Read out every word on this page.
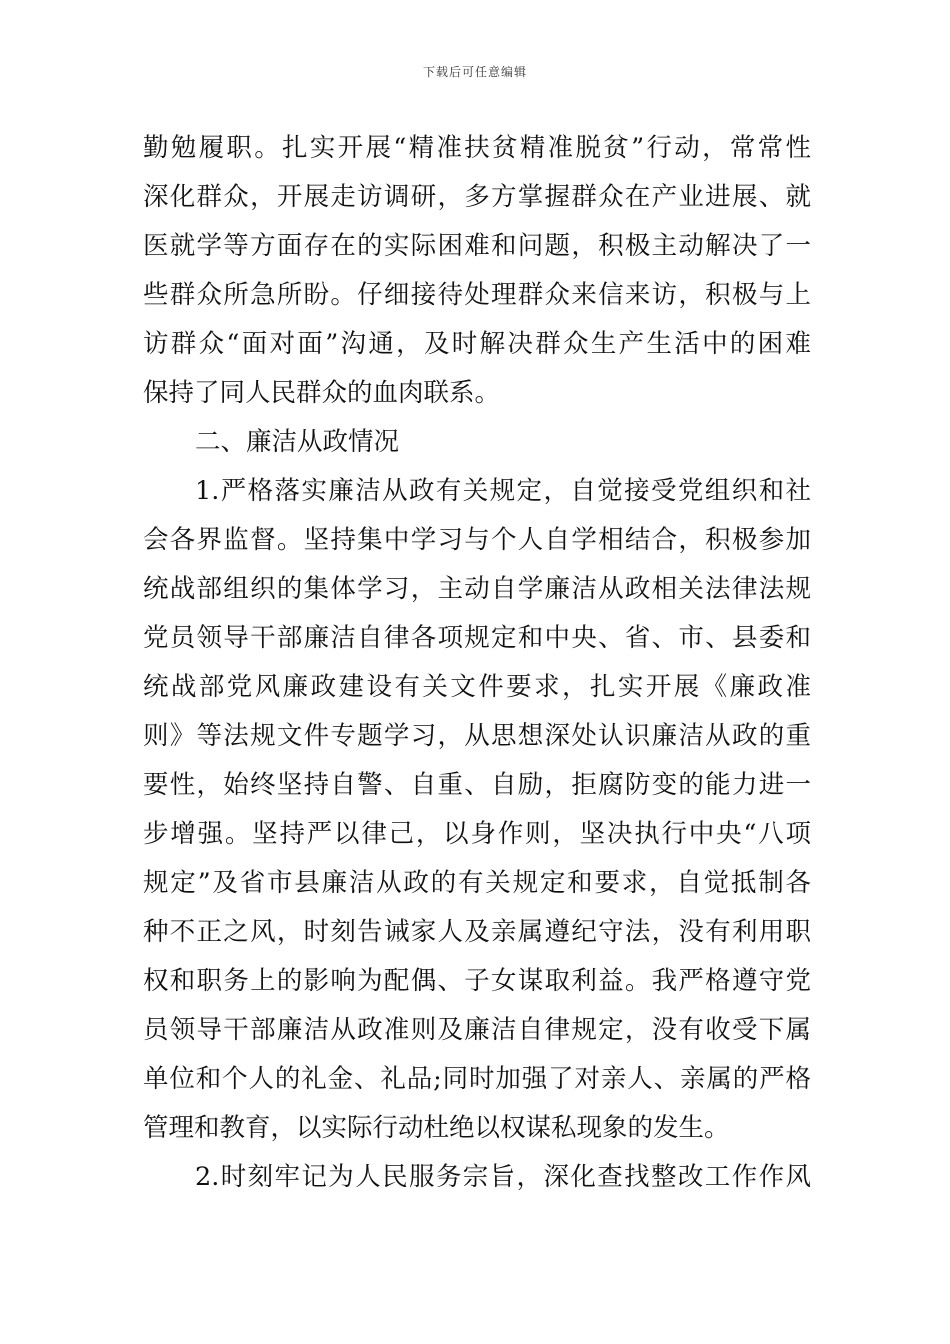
下载后可任意编辑
勤勉履职。扎实开展“精准扶贫精准脱贫”行动，常常性
深化群众，开展走访调研，多方掌握群众在产业进展、就
医就学等方面存在的实际困难和问题，积极主动解决了一
些群众所急所盼。仔细接待处理群众来信来访，积极与上
访群众“面对面”沟通，及时解决群众生产生活中的困难
保持了同人民群众的血肉联系。
二、廉洁从政情况
1.严格落实廉洁从政有关规定，自觉接受党组织和社
会各界监督。坚持集中学习与个人自学相结合，积极参加
统战部组织的集体学习，主动自学廉洁从政相关法律法规
党员领导干部廉洁自律各项规定和中央、省、市、县委和
统战部党风廉政建设有关文件要求，扎实开展《廉政准
则》等法规文件专题学习，从思想深处认识廉洁从政的重
要性，始终坚持自警、自重、自励，拒腐防变的能力进一
步增强。坚持严以律己，以身作则，坚决执行中央“八项
规定”及省市县廉洁从政的有关规定和要求，自觉抵制各
种不正之风，时刻告诫家人及亲属遵纪守法，没有利用职
权和职务上的影响为配偶、子女谋取利益。我严格遵守党
员领导干部廉洁从政准则及廉洁自律规定，没有收受下属
单位和个人的礼金、礼品;同时加强了对亲人、亲属的严格
管理和教育，以实际行动杜绝以权谋私现象的发生。
2.时刻牢记为人民服务宗旨，深化查找整改工作作风
